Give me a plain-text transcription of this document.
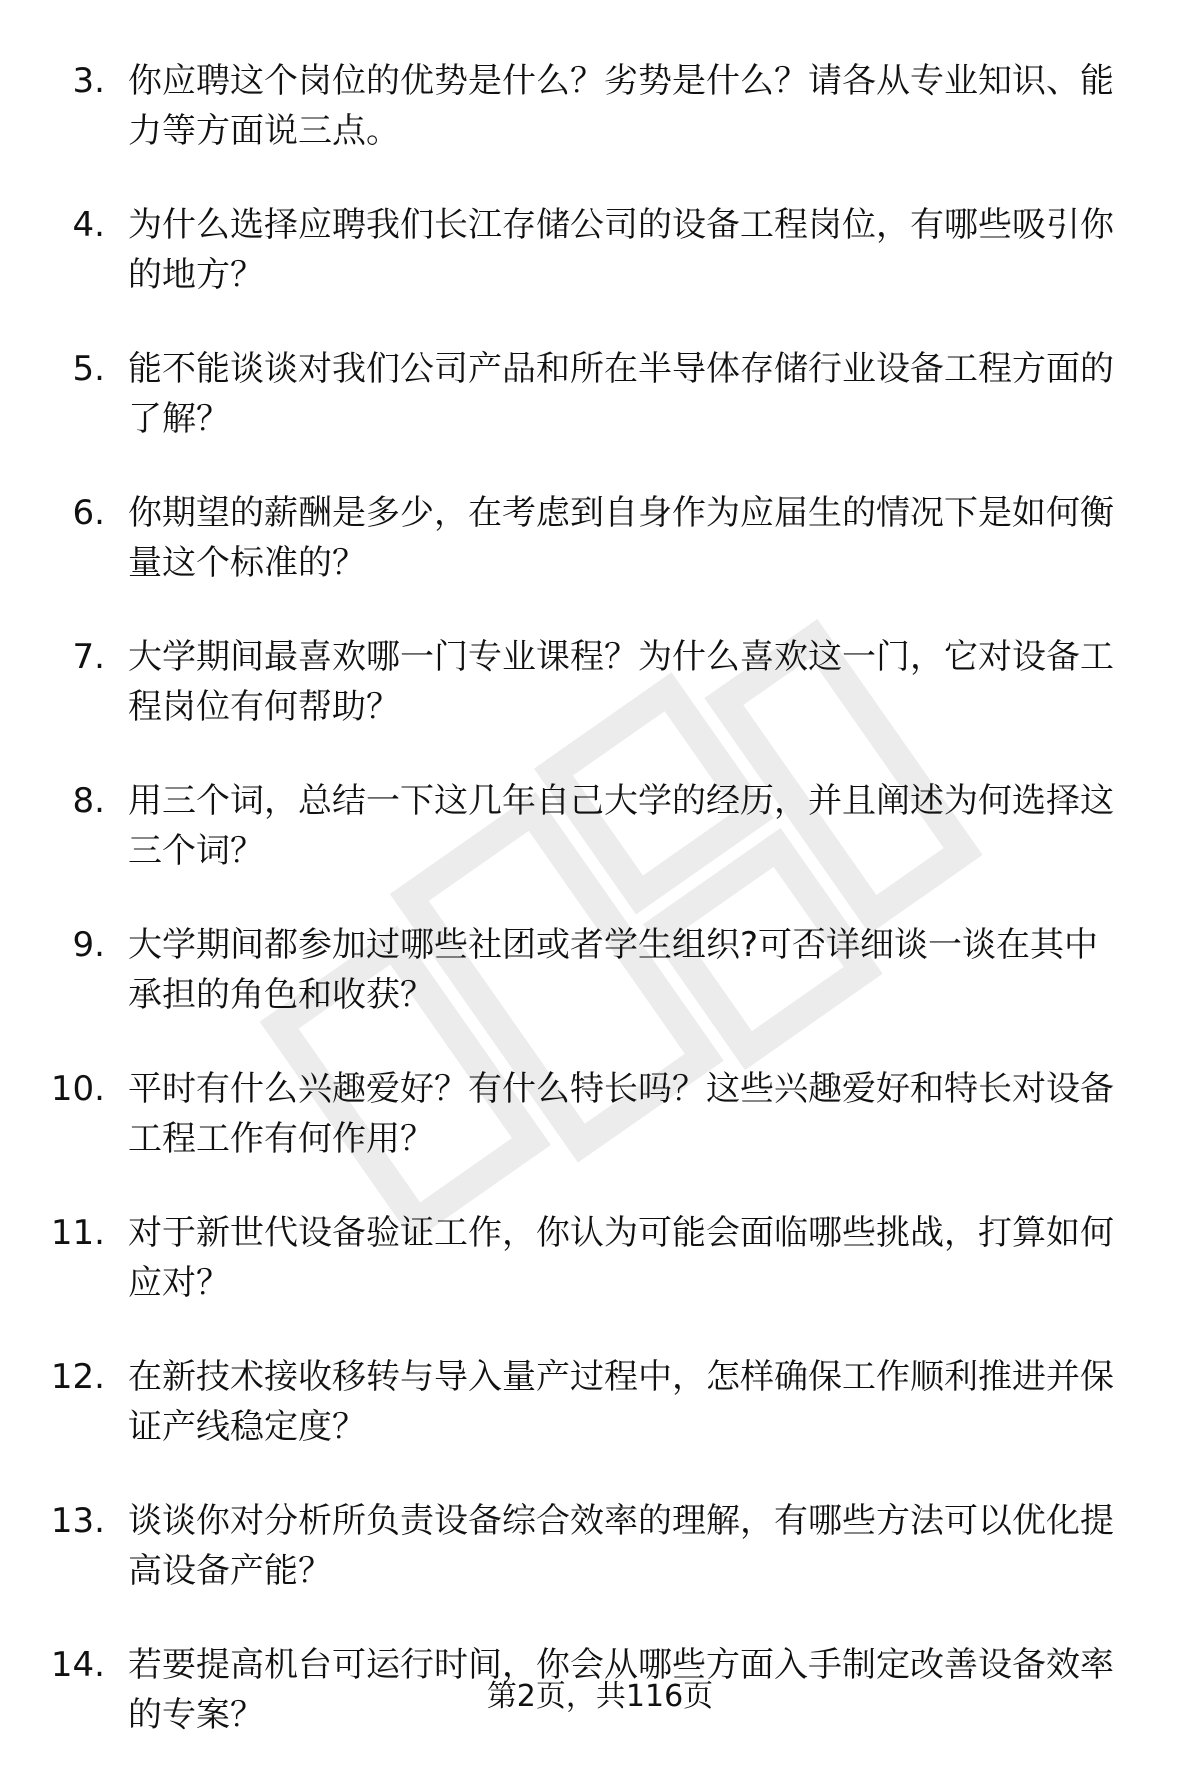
3. 你应聘这个岗位的优势是什么？劣势是什么？请各从专业知识、能力等方面说三点。
4. 为什么选择应聘我们长江存储公司的设备工程岗位，有哪些吸引你的地方？
5. 能不能谈谈对我们公司产品和所在半导体存储行业设备工程方面的了解？
6. 你期望的薪酬是多少，在考虑到自身作为应届生的情况下是如何衡量这个标准的？
7. 大学期间最喜欢哪一门专业课程？为什么喜欢这一门，它对设备工程岗位有何帮助？
8. 用三个词，总结一下这几年自己大学的经历，并且阐述为何选择这三个词？
9. 大学期间都参加过哪些社团或者学生组织?可否详细谈一谈在其中承担的角色和收获？
10. 平时有什么兴趣爱好？有什么特长吗？这些兴趣爱好和特长对设备工程工作有何作用？
11. 对于新世代设备验证工作，你认为可能会面临哪些挑战，打算如何应对？
12. 在新技术接收移转与导入量产过程中，怎样确保工作顺利推进并保证产线稳定度？
13. 谈谈你对分析所负责设备综合效率的理解，有哪些方法可以优化提高设备产能？
14. 若要提高机台可运行时间，你会从哪些方面入手制定改善设备效率的专案？	第2页，共116页
